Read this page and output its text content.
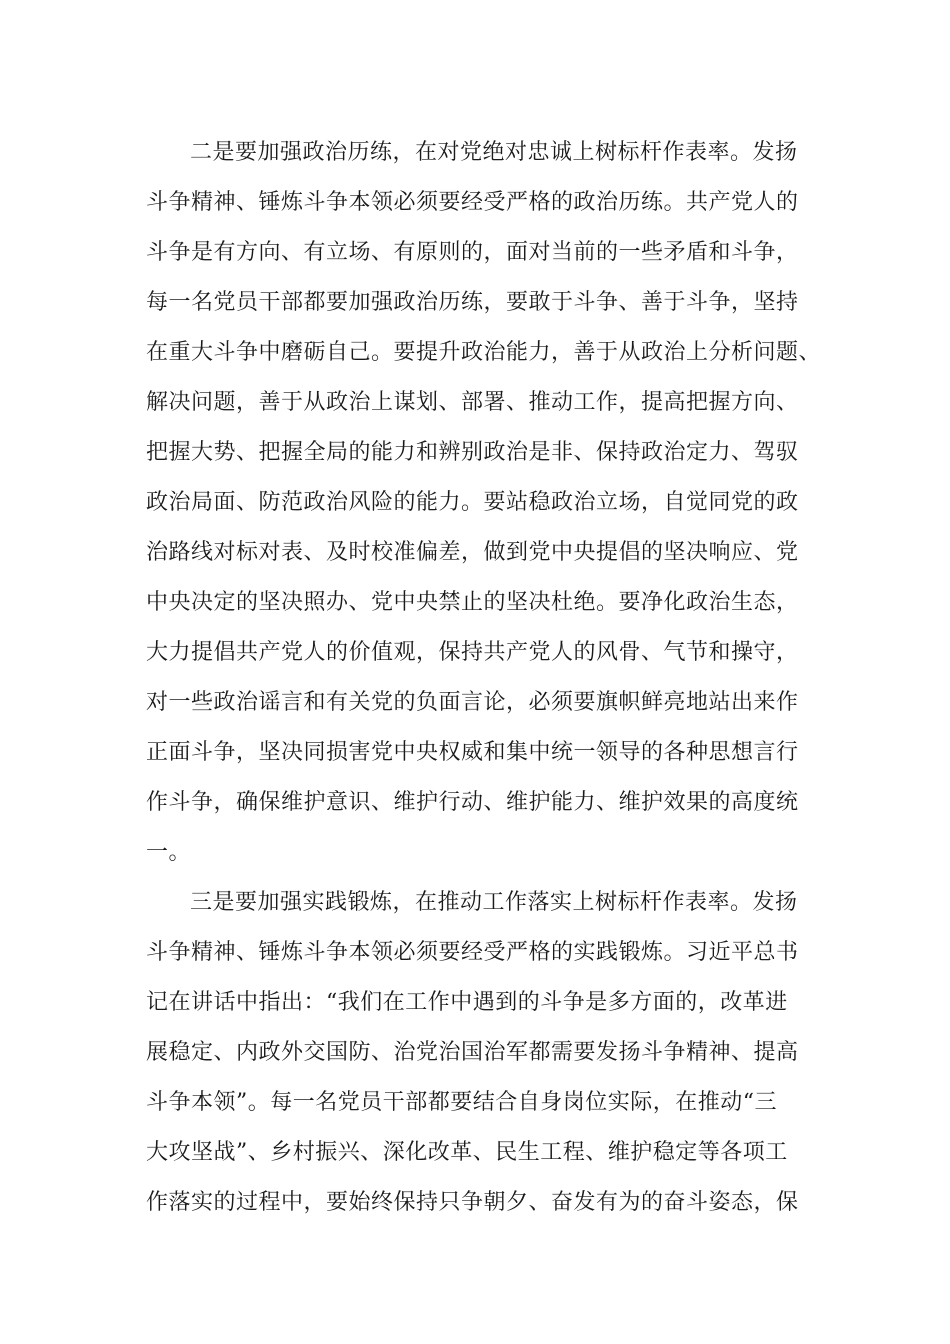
二是要加强政治历练，在对党绝对忠诚上树标杆作表率。发扬
斗争精神、锤炼斗争本领必须要经受严格的政治历练。共产党人的
斗争是有方向、有立场、有原则的，面对当前的一些矛盾和斗争，
每一名党员干部都要加强政治历练，要敢于斗争、善于斗争，坚持
在重大斗争中磨砺自己。要提升政治能力，善于从政治上分析问题、
解决问题，善于从政治上谋划、部署、推动工作，提高把握方向、
把握大势、把握全局的能力和辨别政治是非、保持政治定力、驾驭
政治局面、防范政治风险的能力。要站稳政治立场，自觉同党的政
治路线对标对表、及时校准偏差，做到党中央提倡的坚决响应、党
中央决定的坚决照办、党中央禁止的坚决杜绝。要净化政治生态，
大力提倡共产党人的价值观，保持共产党人的风骨、气节和操守，
对一些政治谣言和有关党的负面言论，必须要旗帜鲜亮地站出来作
正面斗争，坚决同损害党中央权威和集中统一领导的各种思想言行
作斗争，确保维护意识、维护行动、维护能力、维护效果的高度统
一。
三是要加强实践锻炼，在推动工作落实上树标杆作表率。发扬
斗争精神、锤炼斗争本领必须要经受严格的实践锻炼。习近平总书
记在讲话中指出：“我们在工作中遇到的斗争是多方面的，改革进
展稳定、内政外交国防、治党治国治军都需要发扬斗争精神、提高
斗争本领”。每一名党员干部都要结合自身岗位实际，在推动“三
大攻坚战”、乡村振兴、深化改革、民生工程、维护稳定等各项工
作落实的过程中，要始终保持只争朝夕、奋发有为的奋斗姿态，保
